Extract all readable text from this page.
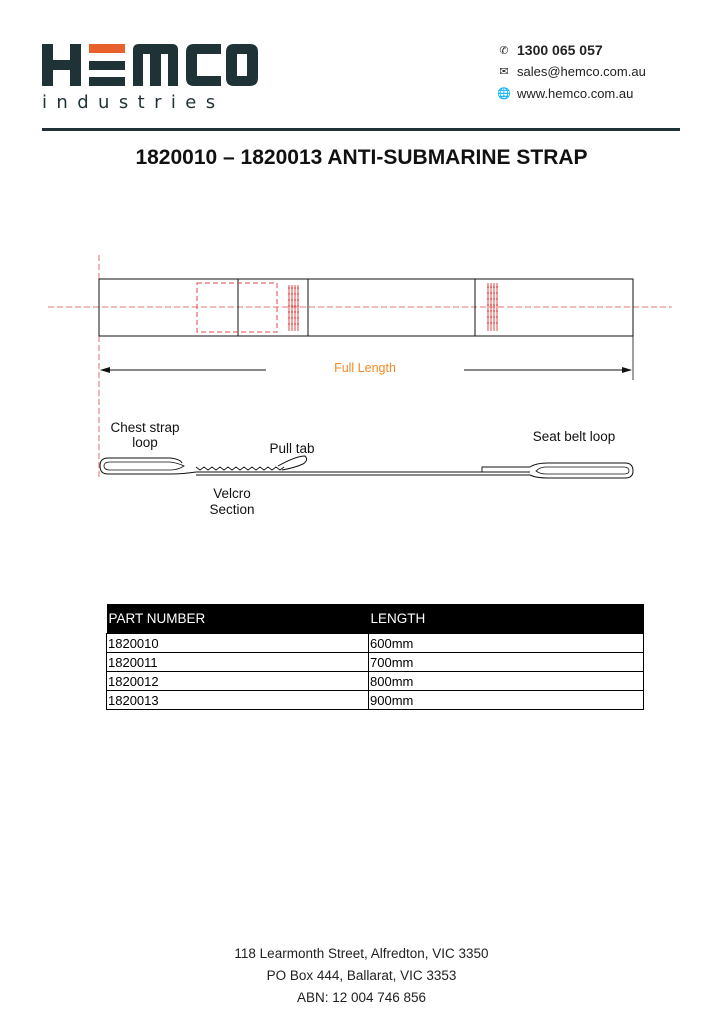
industries
✆ 1300 065 057
✉ sales@hemco.com.au
🌐 www.hemco.com.au
1820010 – 1820013 ANTI-SUBMARINE STRAP
Full Length
Chest strap
loop	Pull tab
Velcro
Section
Seat belt loop
PART NUMBER	LENGTH
1820010	600mm
1820011	700mm
1820012	800mm
1820013	900mm
118 Learmonth Street, Alfredton, VIC 3350
PO Box 444, Ballarat, VIC 3353
ABN: 12 004 746 856
